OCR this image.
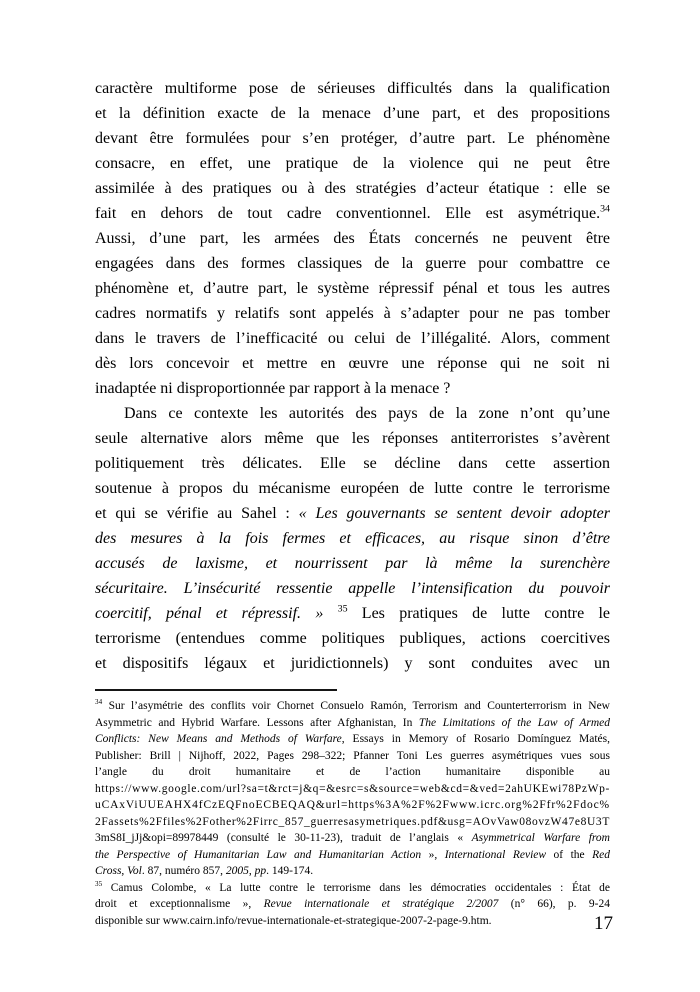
caractère multiforme pose de sérieuses difficultés dans la qualification
et la définition exacte de la menace d’une part, et des propositions
devant être formulées pour s’en protéger, d’autre part. Le phénomène
consacre, en effet, une pratique de la violence qui ne peut être
assimilée à des pratiques ou à des stratégies d’acteur étatique : elle se
fait en dehors de tout cadre conventionnel. Elle est asymétrique.$^{34}$
Aussi, d’une part, les armées des États concernés ne peuvent être
engagées dans des formes classiques de la guerre pour combattre ce
phénomène et, d’autre part, le système répressif pénal et tous les autres
cadres normatifs y relatifs sont appelés à s’adapter pour ne pas tomber
dans le travers de l’inefficacité ou celui de l’illégalité. Alors, comment
dès lors concevoir et mettre en œuvre une réponse qui ne soit ni
inadaptée ni disproportionnée par rapport à la menace ?
Dans ce contexte les autorités des pays de la zone n’ont qu’une
seule alternative alors même que les réponses antiterroristes s’avèrent
politiquement très délicates. Elle se décline dans cette assertion
soutenue à propos du mécanisme européen de lutte contre le terrorisme
et qui se vérifie au Sahel : « Les gouvernants se sentent devoir adopter
des mesures à la fois fermes et efficaces, au risque sinon d’être
accusés de laxisme, et nourrissent par là même la surenchère
sécuritaire. L’insécurité ressentie appelle l’intensification du pouvoir
coercitif, pénal et répressif. » $^{35}$ Les pratiques de lutte contre le
terrorisme (entendues comme politiques publiques, actions coercitives
et dispositifs légaux et juridictionnels) y sont conduites avec un
$^{34}$ Sur l’asymétrie des conflits voir Chornet Consuelo Ramón, Terrorism and Counterterrorism in New
Asymmetric and Hybrid Warfare. Lessons after Afghanistan, In The Limitations of the Law of Armed
Conflicts: New Means and Methods of Warfare, Essays in Memory of Rosario Domínguez Matés,
Publisher: Brill | Nijhoff, 2022, Pages 298–322; Pfanner Toni Les guerres asymétriques vues sous
l’angle du droit humanitaire et de l’action humanitaire disponible au
https://www.google.com/url?sa=t&rct=j&q=&esrc=s&source=web&cd=&ved=2ahUKEwi78PzWp-
uCAxViUUEAHX4fCzEQFnoECBEQAQ&url=https%3A%2F%2Fwww.icrc.org%2Ffr%2Fdoc%
2Fassets%2Ffiles%2Fother%2Firrc_857_guerresasymetriques.pdf&usg=AOvVaw08ovzW47e8U3T
3mS8I_jJj&opi=89978449 (consulté le 30-11-23), traduit de l’anglais « Asymmetrical Warfare from
the Perspective of Humanitarian Law and Humanitarian Action », International Review of the Red
Cross, Vol. 87, numéro 857, 2005, pp. 149-174.
$^{35}$ Camus Colombe, « La lutte contre le terrorisme dans les démocraties occidentales : État de
droit et exceptionnalisme », Revue internationale et stratégique 2/2007 (n° 66), p. 9-24
disponible sur www.cairn.info/revue-internationale-et-strategique-2007-2-page-9.htm.	17
